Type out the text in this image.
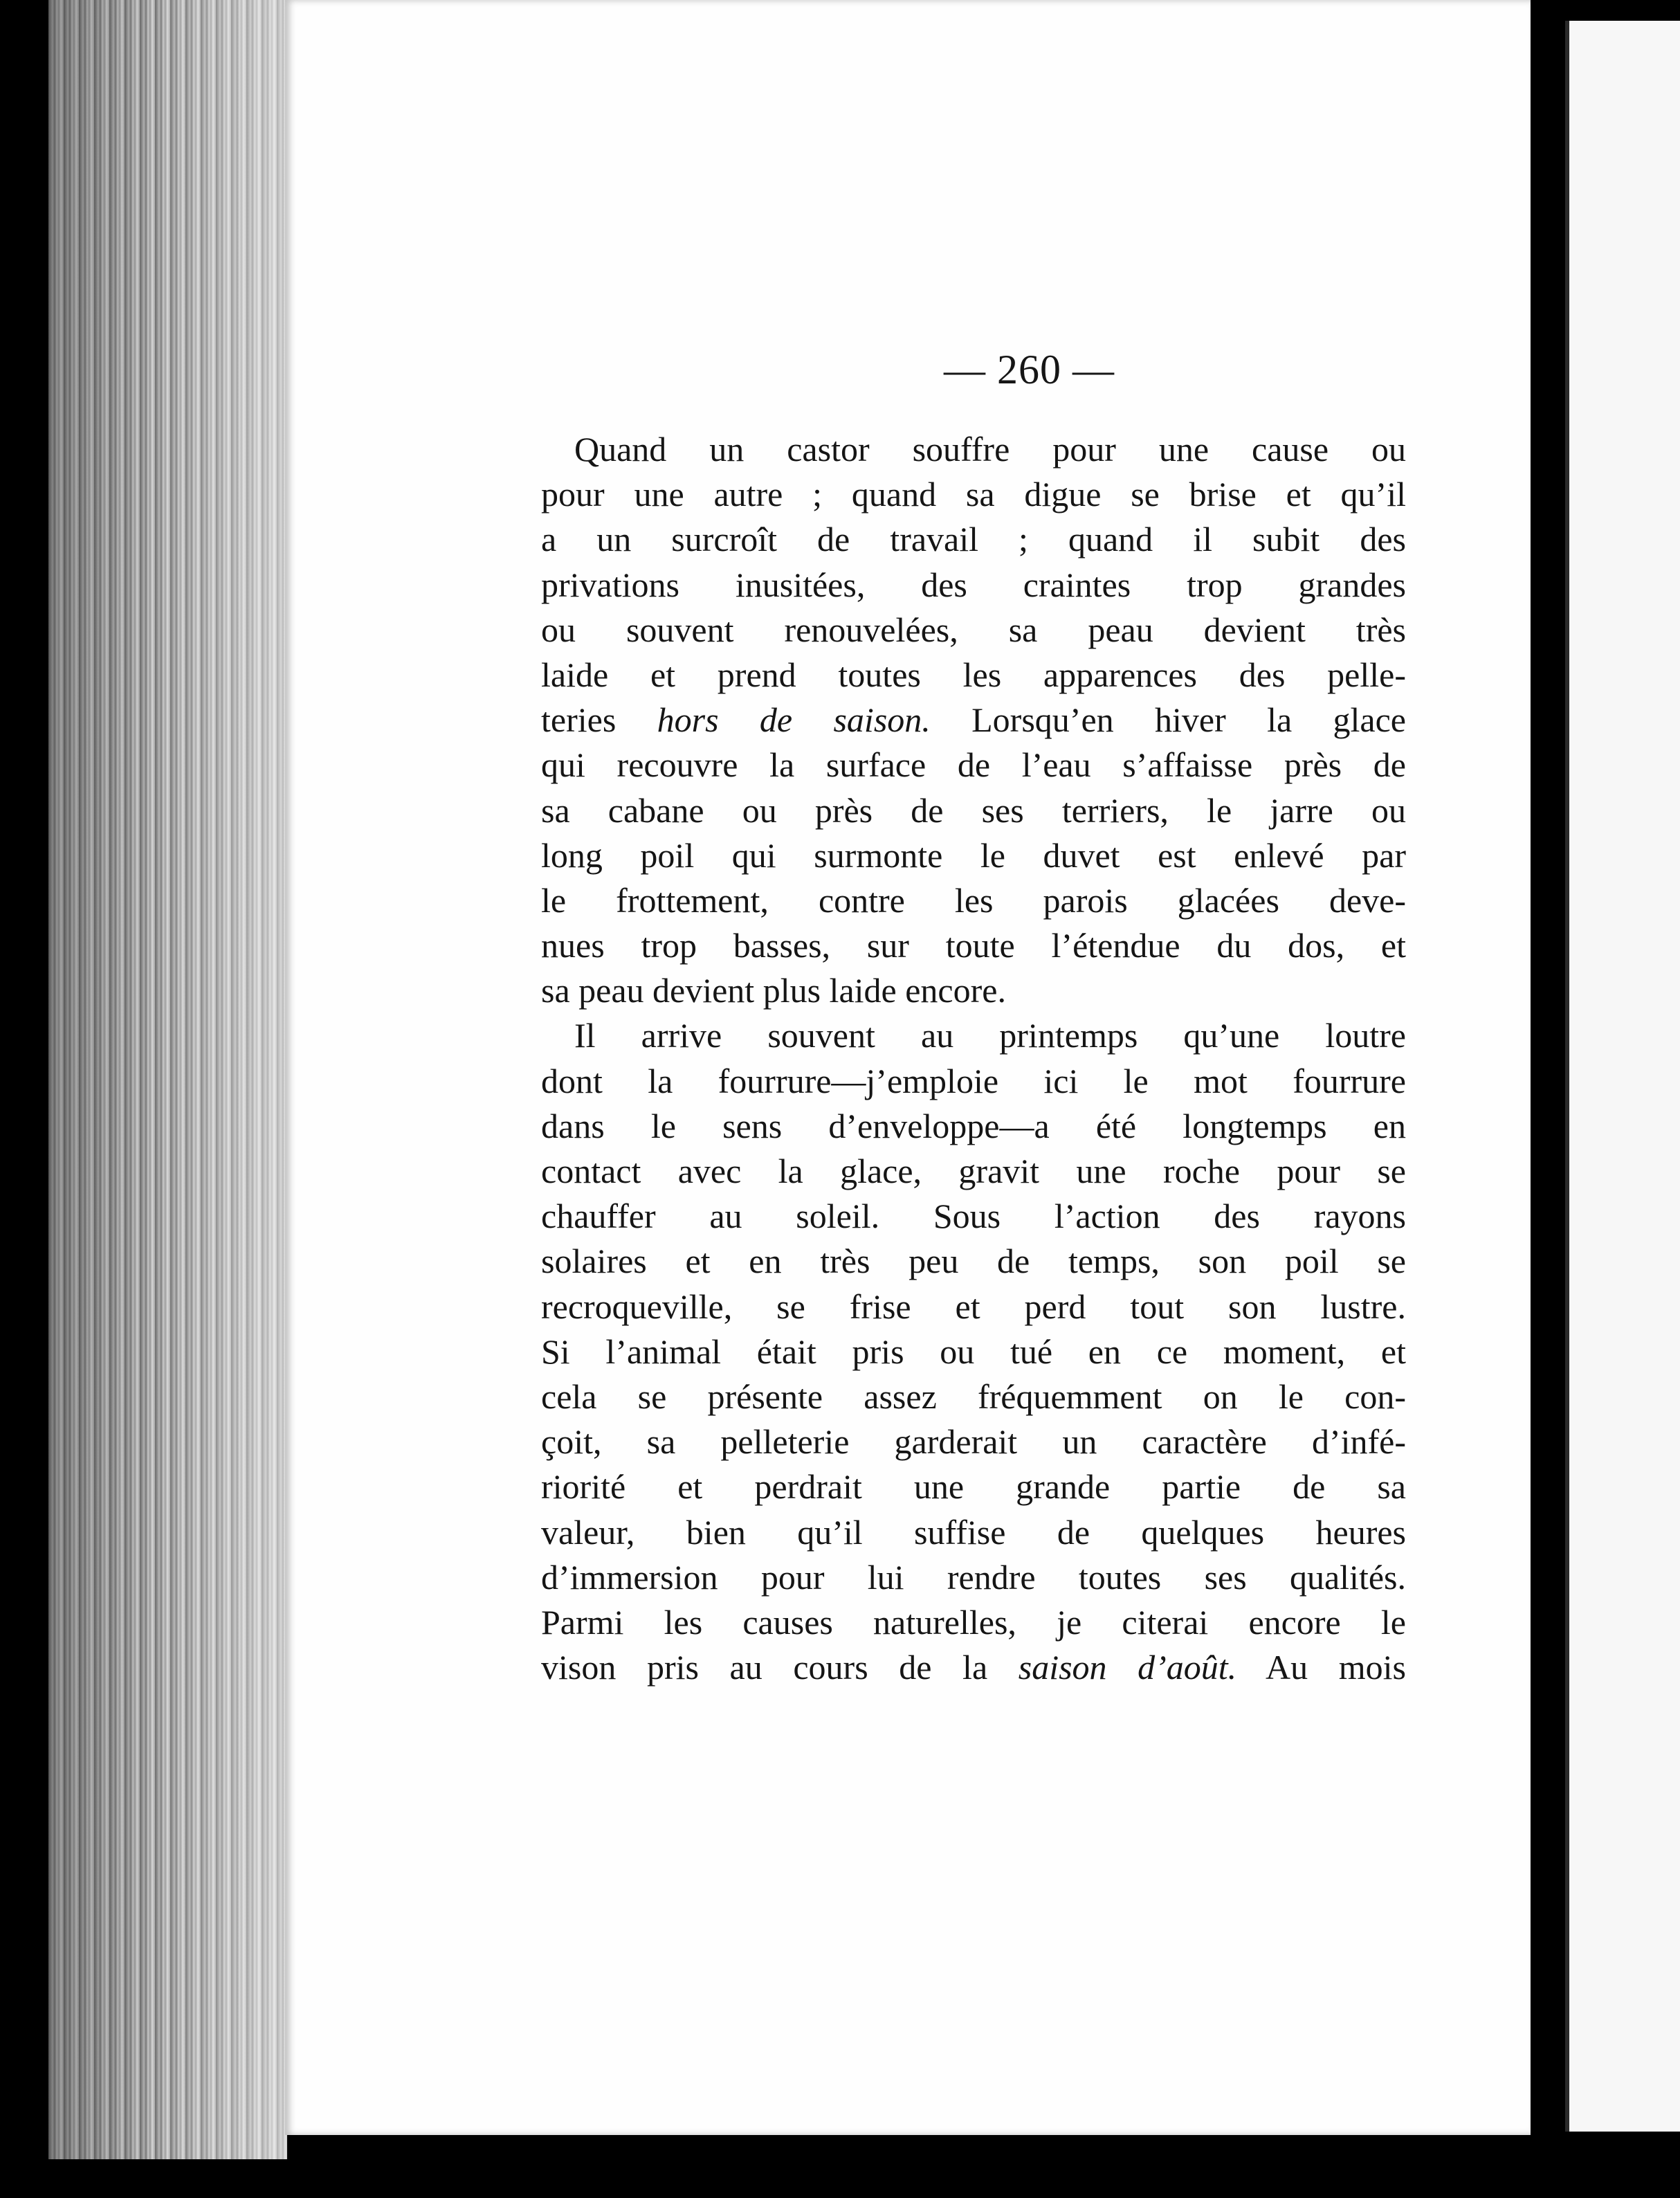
— 260 —
Quand un castor souffre pour une cause ou
pour une autre ; quand sa digue se brise et qu’il
a un surcroît de travail ; quand il subit des
privations inusitées, des craintes trop grandes
ou souvent renouvelées, sa peau devient très
laide et prend toutes les apparences des pelle-
teries hors de saison. Lorsqu’en hiver la glace
qui recouvre la surface de l’eau s’affaisse près de
sa cabane ou près de ses terriers, le jarre ou
long poil qui surmonte le duvet est enlevé par
le frottement, contre les parois glacées deve-
nues trop basses, sur toute l’étendue du dos, et
sa peau devient plus laide encore.
Il arrive souvent au printemps qu’une loutre
dont la fourrure—j’emploie ici le mot fourrure
dans le sens d’enveloppe—a été longtemps en
contact avec la glace, gravit une roche pour se
chauffer au soleil. Sous l’action des rayons
solaires et en très peu de temps, son poil se
recroqueville, se frise et perd tout son lustre.
Si l’animal était pris ou tué en ce moment, et
cela se présente assez fréquemment on le con-
çoit, sa pelleterie garderait un caractère d’infé-
riorité et perdrait une grande partie de sa
valeur, bien qu’il suffise de quelques heures
d’immersion pour lui rendre toutes ses qualités.
Parmi les causes naturelles, je citerai encore le
vison pris au cours de la saison d’août. Au mois
